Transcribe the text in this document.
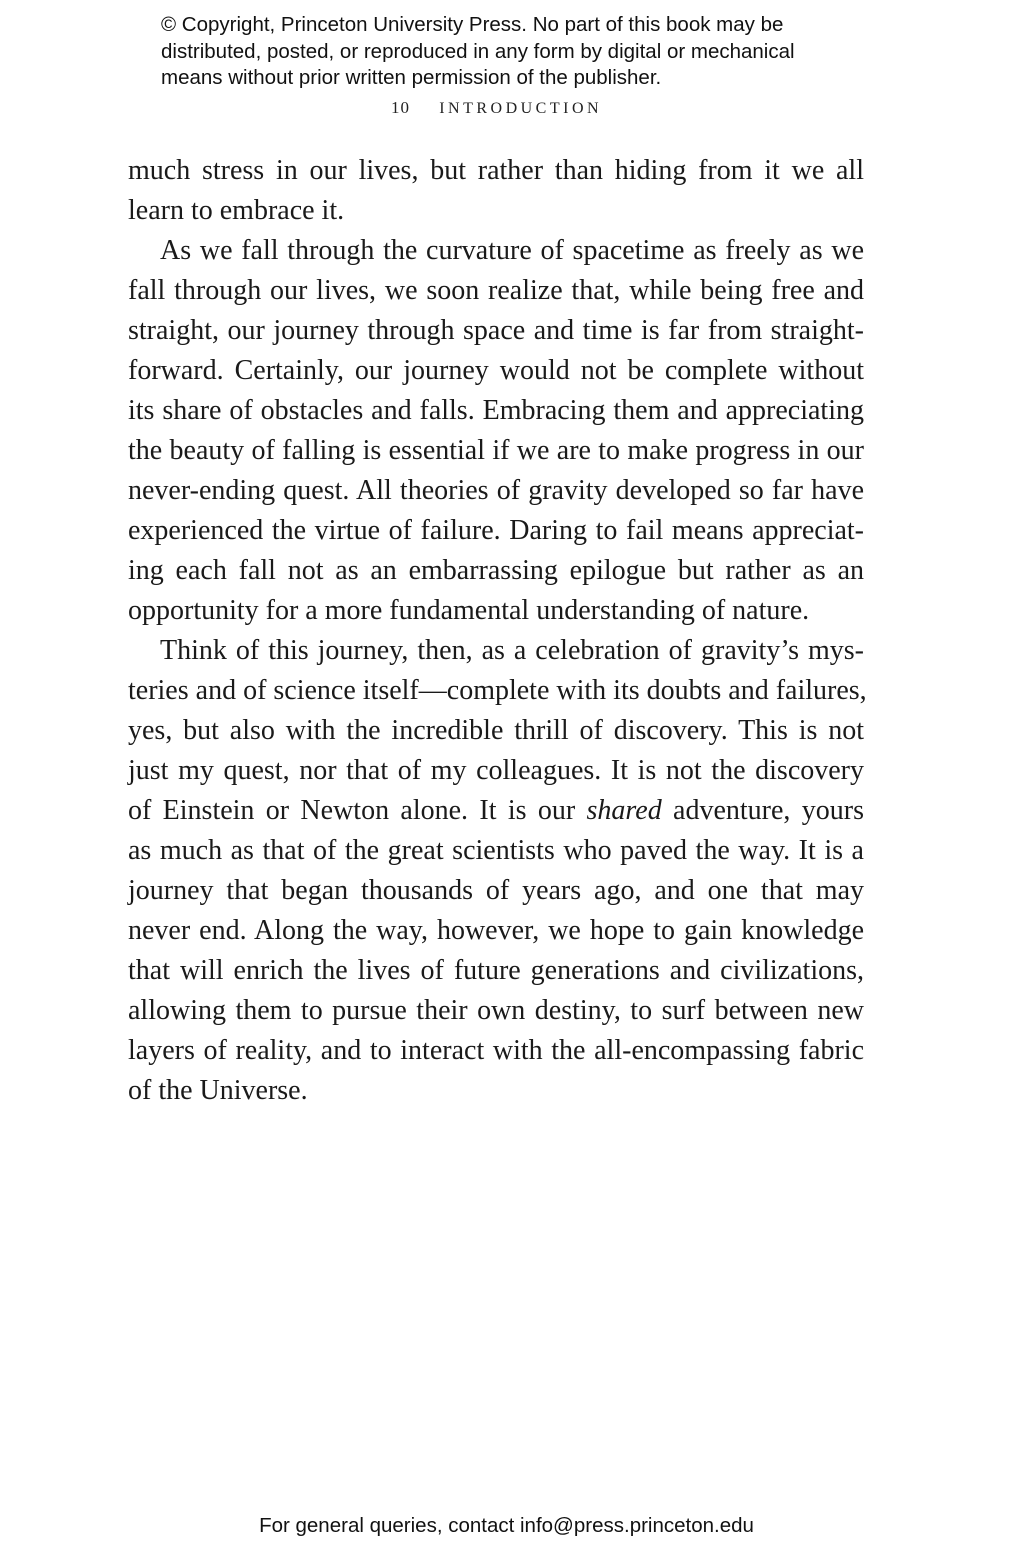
© Copyright, Princeton University Press. No part of this book may be
distributed, posted, or reproduced in any form by digital or mechanical
means without prior written permission of the publisher.
10 INTRODUCTION
much stress in our lives, but rather than hiding from it we all
learn to embrace it.
As we fall through the curvature of spacetime as freely as we
fall through our lives, we soon realize that, while being free and
straight, our journey through space and time is far from straight-
forward. Certainly, our journey would not be complete without
its share of obstacles and falls. Embracing them and appreciating
the beauty of falling is essential if we are to make progress in our
never-ending quest. All theories of gravity developed so far have
experienced the virtue of failure. Daring to fail means appreciat-
ing each fall not as an embarrassing epilogue but rather as an
opportunity for a more fundamental understanding of nature.
Think of this journey, then, as a celebration of gravity’s mys-
teries and of science itself—complete with its doubts and failures,
yes, but also with the incredible thrill of discovery. This is not
just my quest, nor that of my colleagues. It is not the discovery
of Einstein or Newton alone. It is our shared adventure, yours
as much as that of the great scientists who paved the way. It is a
journey that began thousands of years ago, and one that may
never end. Along the way, however, we hope to gain knowledge
that will enrich the lives of future generations and civilizations,
allowing them to pursue their own destiny, to surf between new
layers of reality, and to interact with the all-encompassing fabric
of the Universe.
For general queries, contact info@press.princeton.edu
